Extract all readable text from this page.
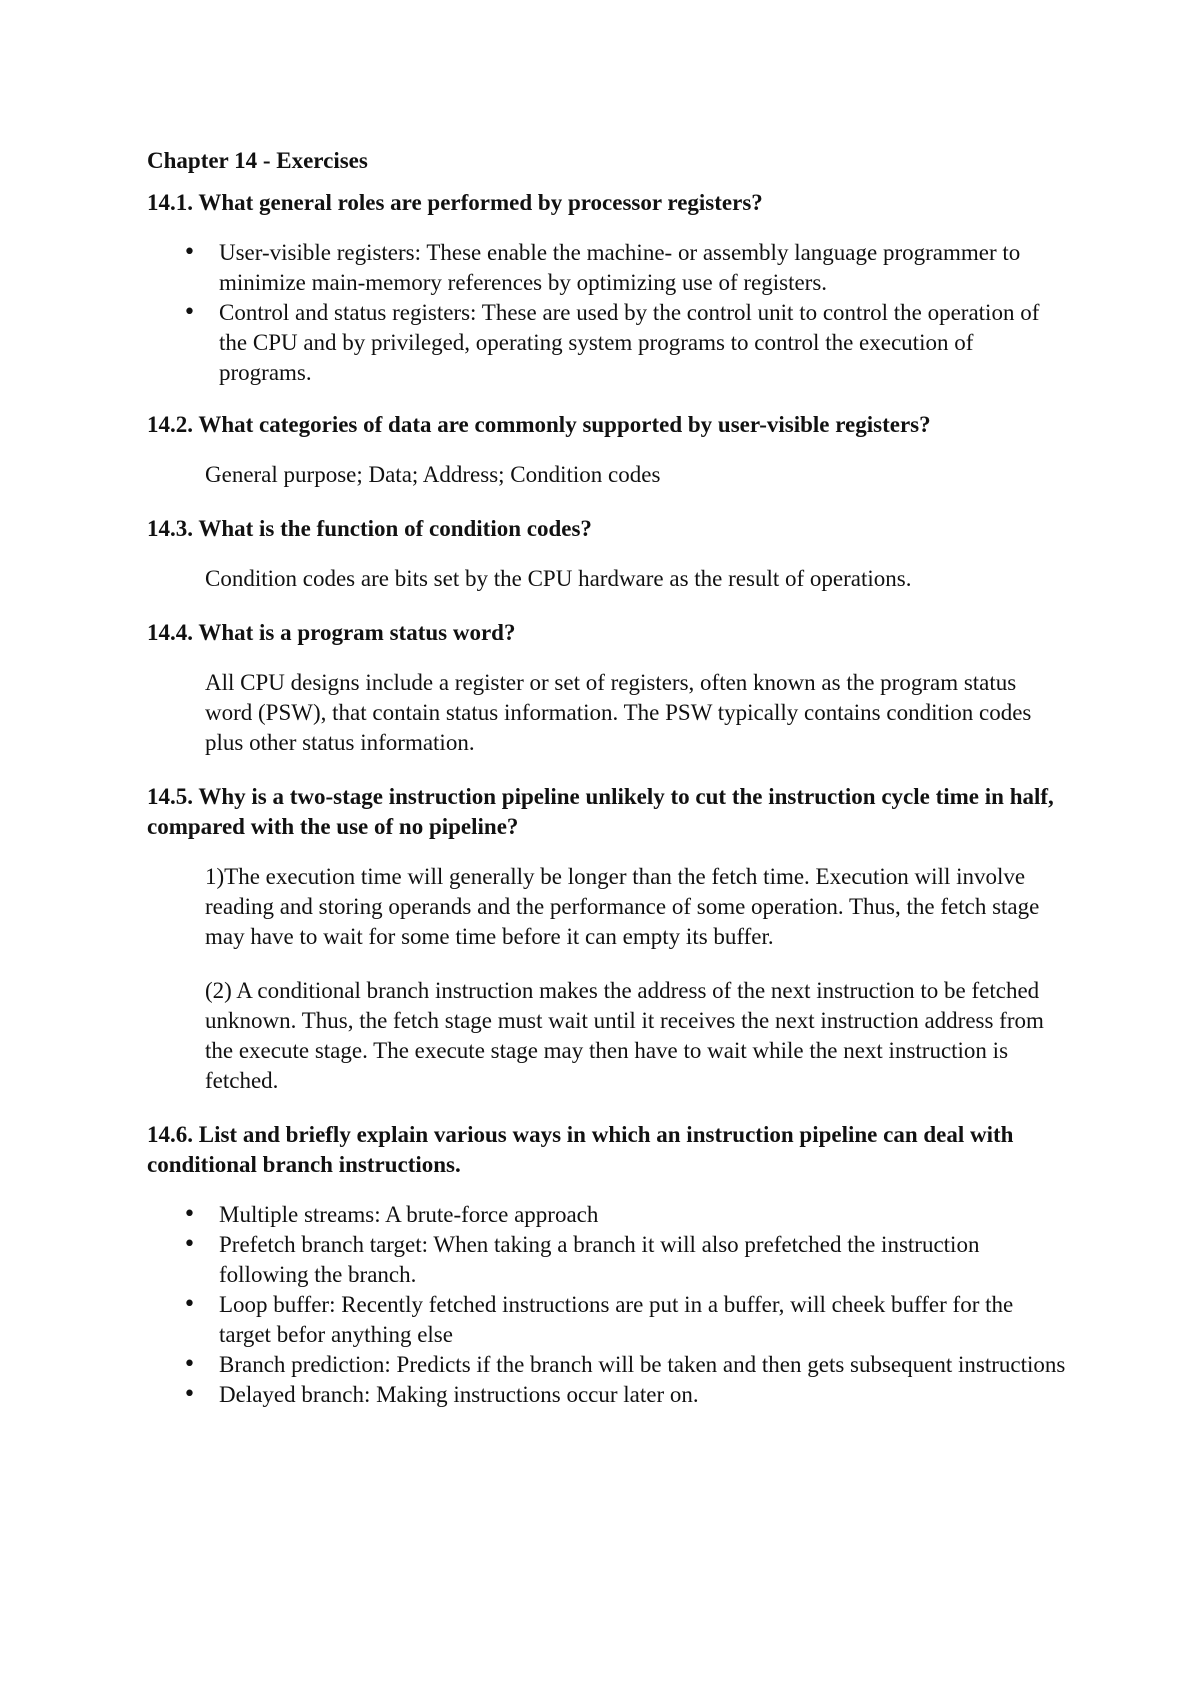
Chapter 14 - Exercises
14.1. What general roles are performed by processor registers?
• User-visible registers: These enable the machine- or assembly language programmer to minimize main-memory references by optimizing use of registers.
• Control and status registers: These are used by the control unit to control the operation of the CPU and by privileged, operating system programs to control the execution of programs.
14.2. What categories of data are commonly supported by user-visible registers?
General purpose; Data; Address; Condition codes
14.3. What is the function of condition codes?
Condition codes are bits set by the CPU hardware as the result of operations.
14.4. What is a program status word?
All CPU designs include a register or set of registers, often known as the program status word (PSW), that contain status information. The PSW typically contains condition codes plus other status information.
14.5. Why is a two-stage instruction pipeline unlikely to cut the instruction cycle time in half, compared with the use of no pipeline?
1)The execution time will generally be longer than the fetch time. Execution will involve reading and storing operands and the performance of some operation. Thus, the fetch stage may have to wait for some time before it can empty its buffer.
(2) A conditional branch instruction makes the address of the next instruction to be fetched unknown. Thus, the fetch stage must wait until it receives the next instruction address from the execute stage. The execute stage may then have to wait while the next instruction is fetched.
14.6. List and briefly explain various ways in which an instruction pipeline can deal with conditional branch instructions.
• Multiple streams: A brute-force approach
• Prefetch branch target: When taking a branch it will also prefetched the instruction following the branch.
• Loop buffer: Recently fetched instructions are put in a buffer, will cheek buffer for the target befor anything else
• Branch prediction: Predicts if the branch will be taken and then gets subsequent instructions
• Delayed branch: Making instructions occur later on.
